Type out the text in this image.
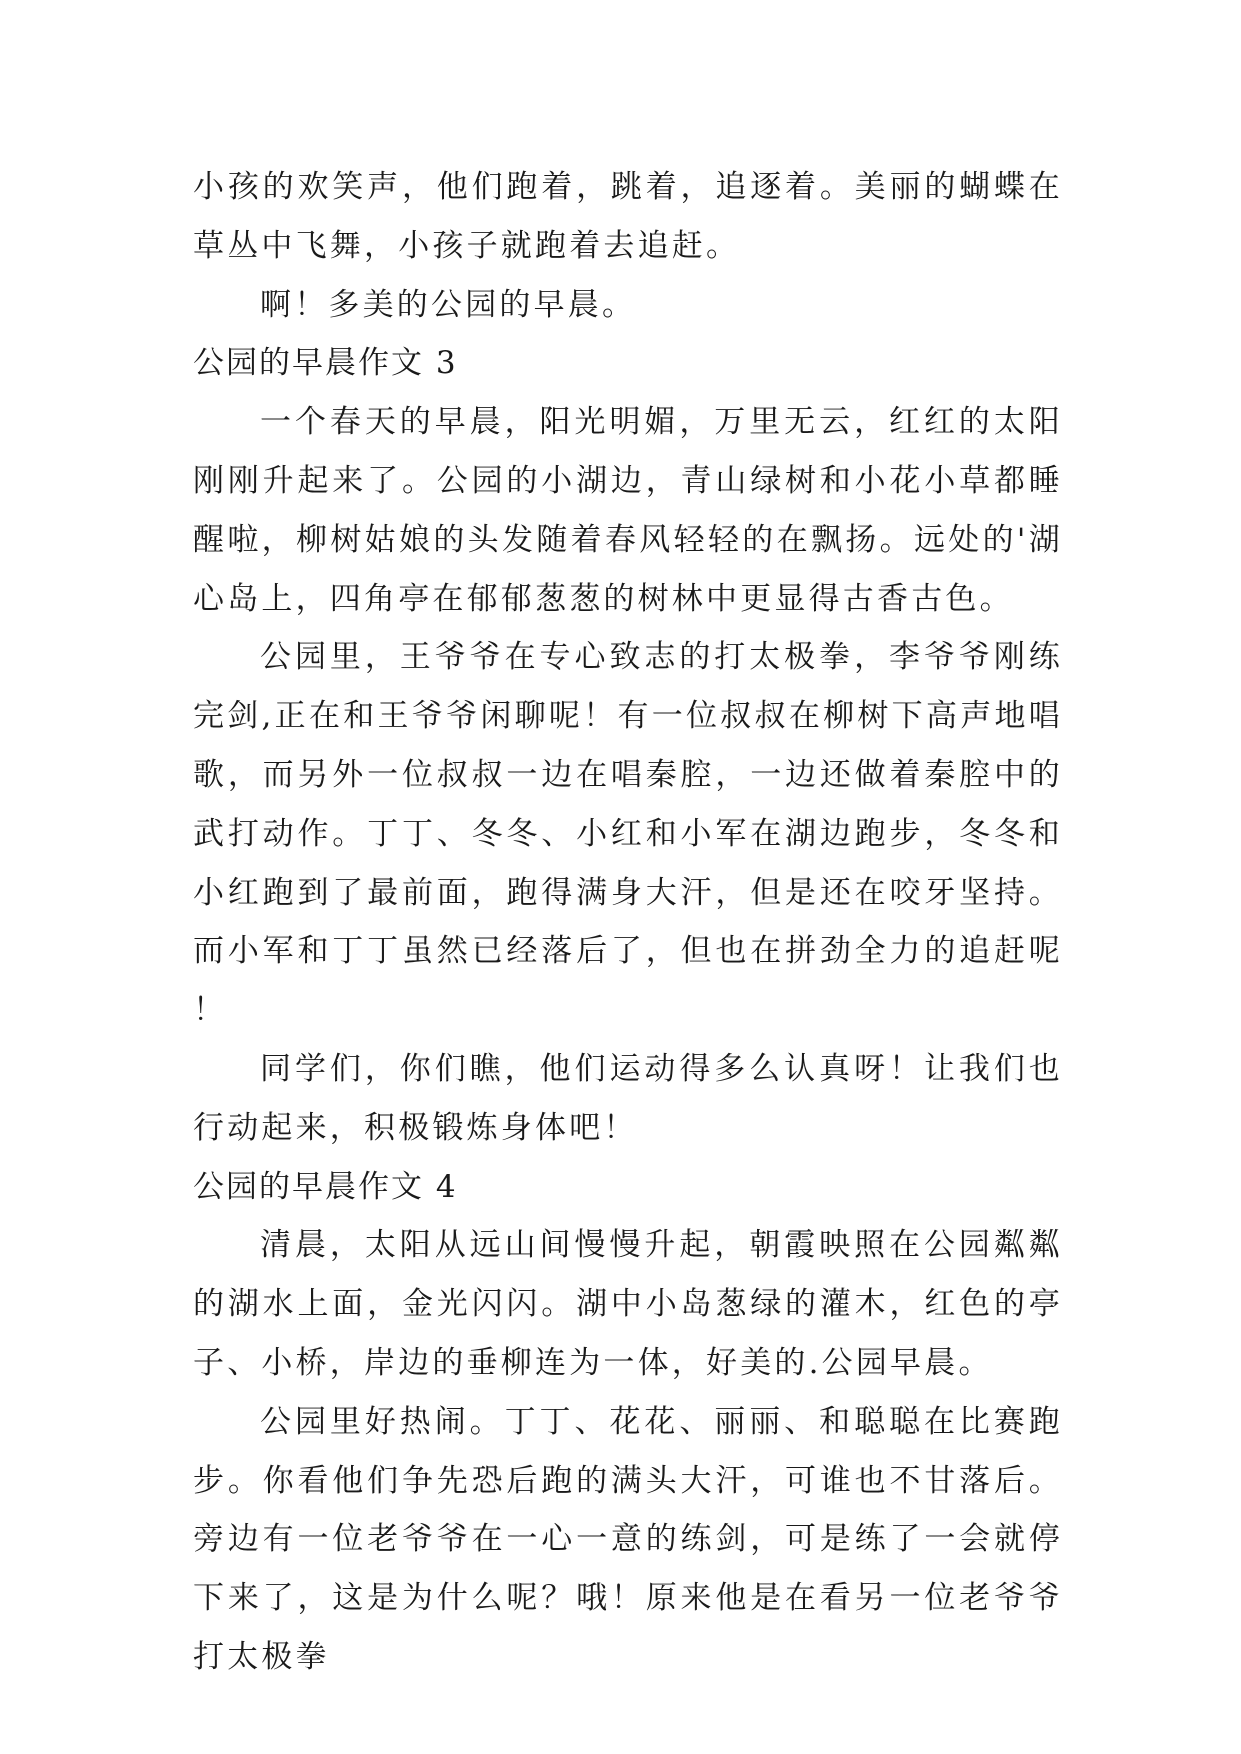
小孩的欢笑声，他们跑着，跳着，追逐着。美丽的蝴蝶在草丛中飞舞，小孩子就跑着去追赶。

啊！多美的公园的早晨。

公园的早晨作文 3

一个春天的早晨，阳光明媚，万里无云，红红的太阳刚刚升起来了。公园的小湖边，青山绿树和小花小草都睡醒啦，柳树姑娘的头发随着春风轻轻的在飘扬。远处的'湖心岛上，四角亭在郁郁葱葱的树林中更显得古香古色。

公园里，王爷爷在专心致志的打太极拳，李爷爷刚练完剑,正在和王爷爷闲聊呢！有一位叔叔在柳树下高声地唱歌，而另外一位叔叔一边在唱秦腔，一边还做着秦腔中的武打动作。丁丁、冬冬、小红和小军在湖边跑步，冬冬和小红跑到了最前面，跑得满身大汗，但是还在咬牙坚持。而小军和丁丁虽然已经落后了，但也在拼劲全力的追赶呢！

同学们，你们瞧，他们运动得多么认真呀！让我们也行动起来，积极锻炼身体吧！

公园的早晨作文 4

清晨，太阳从远山间慢慢升起，朝霞映照在公园粼粼的湖水上面，金光闪闪。湖中小岛葱绿的灌木，红色的亭子、小桥，岸边的垂柳连为一体，好美的.公园早晨。

公园里好热闹。丁丁、花花、丽丽、和聪聪在比赛跑步。你看他们争先恐后跑的满头大汗，可谁也不甘落后。旁边有一位老爷爷在一心一意的练剑，可是练了一会就停下来了，这是为什么呢？哦！原来他是在看另一位老爷爷打太极拳
